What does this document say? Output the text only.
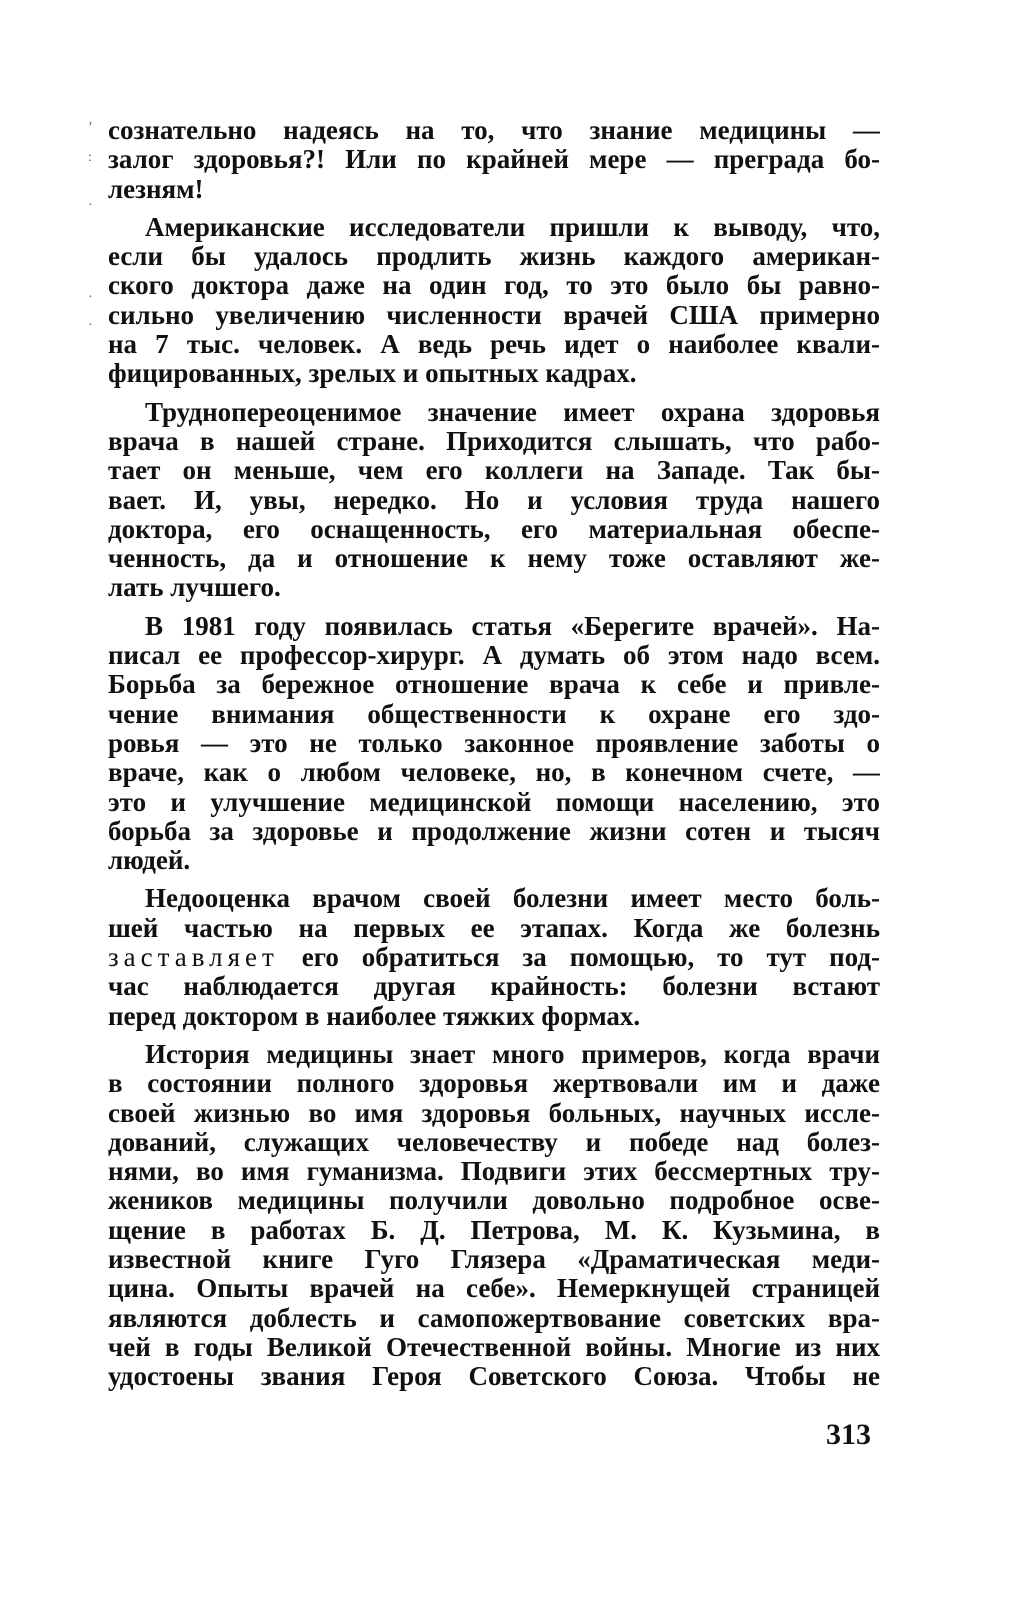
ʼ
:
·
·
·
сознательно надеясь на то, что знание медицины —
залог здоровья?! Или по крайней мере — преграда бо-
лезням!
Американские исследователи пришли к выводу, что,
если бы удалось продлить жизнь каждого американ-
ского доктора даже на один год, то это было бы равно-
сильно увеличению численности врачей США примерно
на 7 тыс. человек. А ведь речь идет о наиболее квали-
фицированных, зрелых и опытных кадрах.
Труднопереоценимое значение имеет охрана здоровья
врача в нашей стране. Приходится слышать, что рабо-
тает он меньше, чем его коллеги на Западе. Так бы-
вает. И, увы, нередко. Но и условия труда нашего
доктора, его оснащенность, его материальная обеспе-
ченность, да и отношение к нему тоже оставляют же-
лать лучшего.
В 1981 году появилась статья «Берегите врачей». На-
писал ее профессор-хирург. А думать об этом надо всем.
Борьба за бережное отношение врача к себе и привле-
чение внимания общественности к охране его здо-
ровья — это не только законное проявление заботы о
враче, как о любом человеке, но, в конечном счете, —
это и улучшение медицинской помощи населению, это
борьба за здоровье и продолжение жизни сотен и тысяч
людей.
Недооценка врачом своей болезни имеет место боль-
шей частью на первых ее этапах. Когда же болезнь
заставляет его обратиться за помощью, то тут под-
час наблюдается другая крайность: болезни встают
перед доктором в наиболее тяжких формах.
История медицины знает много примеров, когда врачи
в состоянии полного здоровья жертвовали им и даже
своей жизнью во имя здоровья больных, научных иссле-
дований, служащих человечеству и победе над болез-
нями, во имя гуманизма. Подвиги этих бессмертных тру-
жеников медицины получили довольно подробное осве-
щение в работах Б. Д. Петрова, М. К. Кузьмина, в
известной книге Гуго Глязера «Драматическая меди-
цина. Опыты врачей на себе». Немеркнущей страницей
являются доблесть и самопожертвование советских вра-
чей в годы Великой Отечественной войны. Многие из них
удостоены звания Героя Советского Союза. Чтобы не
313
